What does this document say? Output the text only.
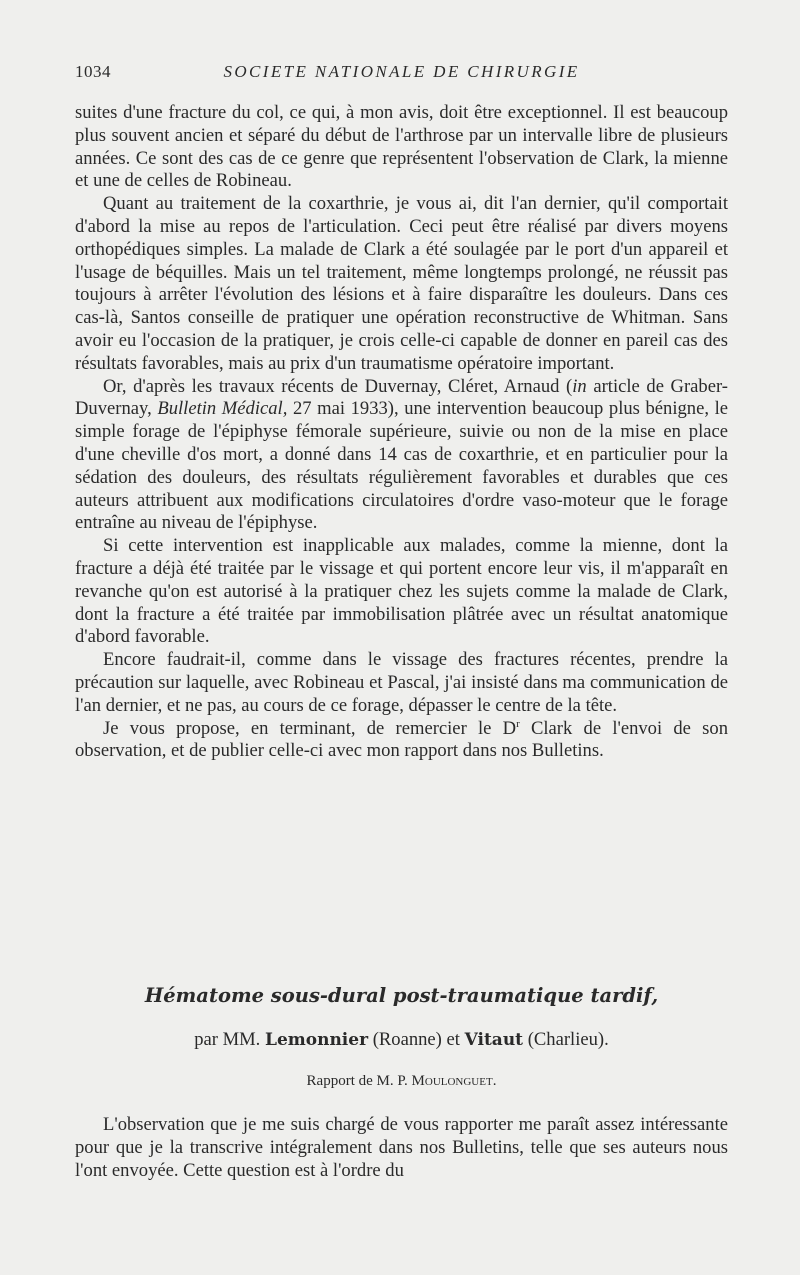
1034	SOCIETE NATIONALE DE CHIRURGIE

suites d'une fracture du col, ce qui, à mon avis, doit être exceptionnel. Il est beaucoup plus souvent ancien et séparé du début de l'arthrose par un intervalle libre de plusieurs années. Ce sont des cas de ce genre que représentent l'observation de Clark, la mienne et une de celles de Robineau.

Quant au traitement de la coxarthrie, je vous ai, dit l'an dernier, qu'il comportait d'abord la mise au repos de l'articulation. Ceci peut être réalisé par divers moyens orthopédiques simples. La malade de Clark a été soulagée par le port d'un appareil et l'usage de béquilles. Mais un tel traitement, même longtemps prolongé, ne réussit pas toujours à arrêter l'évolution des lésions et à faire disparaître les douleurs. Dans ces cas-là, Santos conseille de pratiquer une opération reconstructive de Whitman. Sans avoir eu l'occasion de la pratiquer, je crois celle-ci capable de donner en pareil cas des résultats favorables, mais au prix d'un traumatisme opératoire important.

Or, d'après les travaux récents de Duvernay, Cléret, Arnaud (in article de Graber-Duvernay, Bulletin Médical, 27 mai 1933), une intervention beaucoup plus bénigne, le simple forage de l'épiphyse fémorale supérieure, suivie ou non de la mise en place d'une cheville d'os mort, a donné dans 14 cas de coxarthrie, et en particulier pour la sédation des douleurs, des résultats régulièrement favorables et durables que ces auteurs attribuent aux modifications circulatoires d'ordre vaso-moteur que le forage entraîne au niveau de l'épiphyse.

Si cette intervention est inapplicable aux malades, comme la mienne, dont la fracture a déjà été traitée par le vissage et qui portent encore leur vis, il m'apparaît en revanche qu'on est autorisé à la pratiquer chez les sujets comme la malade de Clark, dont la fracture a été traitée par immobilisation plâtrée avec un résultat anatomique d'abord favorable.

Encore faudrait-il, comme dans le vissage des fractures récentes, prendre la précaution sur laquelle, avec Robineau et Pascal, j'ai insisté dans ma communication de l'an dernier, et ne pas, au cours de ce forage, dépasser le centre de la tête.

Je vous propose, en terminant, de remercier le $D^r$ Clark de l'envoi de son observation, et de publier celle-ci avec mon rapport dans nos Bulletins.

Hématome sous-dural post-traumatique tardif,

par MM. Lemonnier (Roanne) et Vitaut (Charlieu).

Rapport de M. P. Moulonguet.

L'observation que je me suis chargé de vous rapporter me paraît assez intéressante pour que je la transcrive intégralement dans nos Bulletins, telle que ses auteurs nous l'ont envoyée. Cette question est à l'ordre du
